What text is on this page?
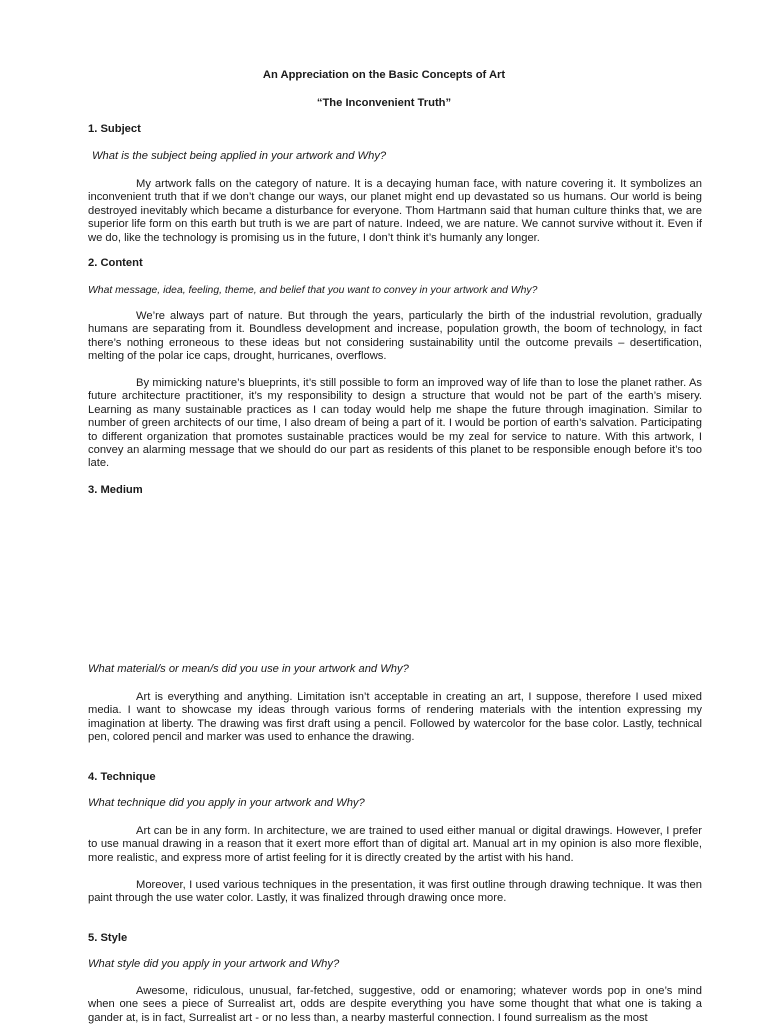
An Appreciation on the Basic Concepts of Art
“The Inconvenient Truth”
1. Subject
What is the subject being applied in your artwork and Why?

My artwork falls on the category of nature. It is a decaying human face, with nature covering it. It symbolizes an inconvenient truth that if we don’t change our ways, our planet might end up devastated so us humans. Our world is being destroyed inevitably which became a disturbance for everyone. Thom Hartmann said that human culture thinks that, we are superior life form on this earth but truth is we are part of nature. Indeed, we are nature. We cannot survive without it. Even if we do, like the technology is promising us in the future, I don’t think it’s humanly any longer.

2. Content
What message, idea, feeling, theme, and belief that you want to convey in your artwork and Why?

We’re always part of nature. But through the years, particularly the birth of the industrial revolution, gradually humans are separating from it. Boundless development and increase, population growth, the boom of technology, in fact there’s nothing erroneous to these ideas but not considering sustainability until the outcome prevails – desertification, melting of the polar ice caps, drought, hurricanes, overflows.

By mimicking nature’s blueprints, it’s still possible to form an improved way of life than to lose the planet rather. As future architecture practitioner, it’s my responsibility to design a structure that would not be part of the earth’s misery. Learning as many sustainable practices as I can today would help me shape the future through imagination. Similar to number of green architects of our time, I also dream of being a part of it. I would be portion of earth’s salvation. Participating to different organization that promotes sustainable practices would be my zeal for service to nature. With this artwork, I convey an alarming message that we should do our part as residents of this planet to be responsible enough before it’s too late.

3. Medium
What material/s or mean/s did you use in your artwork and Why?

Art is everything and anything. Limitation isn’t acceptable in creating an art, I suppose, therefore I used mixed media. I want to showcase my ideas through various forms of rendering materials with the intention expressing my imagination at liberty. The drawing was first draft using a pencil. Followed by watercolor for the base color. Lastly, technical pen, colored pencil and marker was used to enhance the drawing.

4. Technique
What technique did you apply in your artwork and Why?

Art can be in any form. In architecture, we are trained to used either manual or digital drawings. However, I prefer to use manual drawing in a reason that it exert more effort than of digital art. Manual art in my opinion is also more flexible, more realistic, and express more of artist feeling for it is directly created by the artist with his hand.

Moreover, I used various techniques in the presentation, it was first outline through drawing technique. It was then paint through the use water color. Lastly, it was finalized through drawing once more.

5. Style
What style did you apply in your artwork and Why?

Awesome, ridiculous, unusual, far-fetched, suggestive, odd or enamoring; whatever words pop in one’s mind when one sees a piece of Surrealist art, odds are despite everything you have some thought that what one is taking a gander at, is in fact, Surrealist art - or no less than, a nearby masterful connection. I found surrealism as the most
